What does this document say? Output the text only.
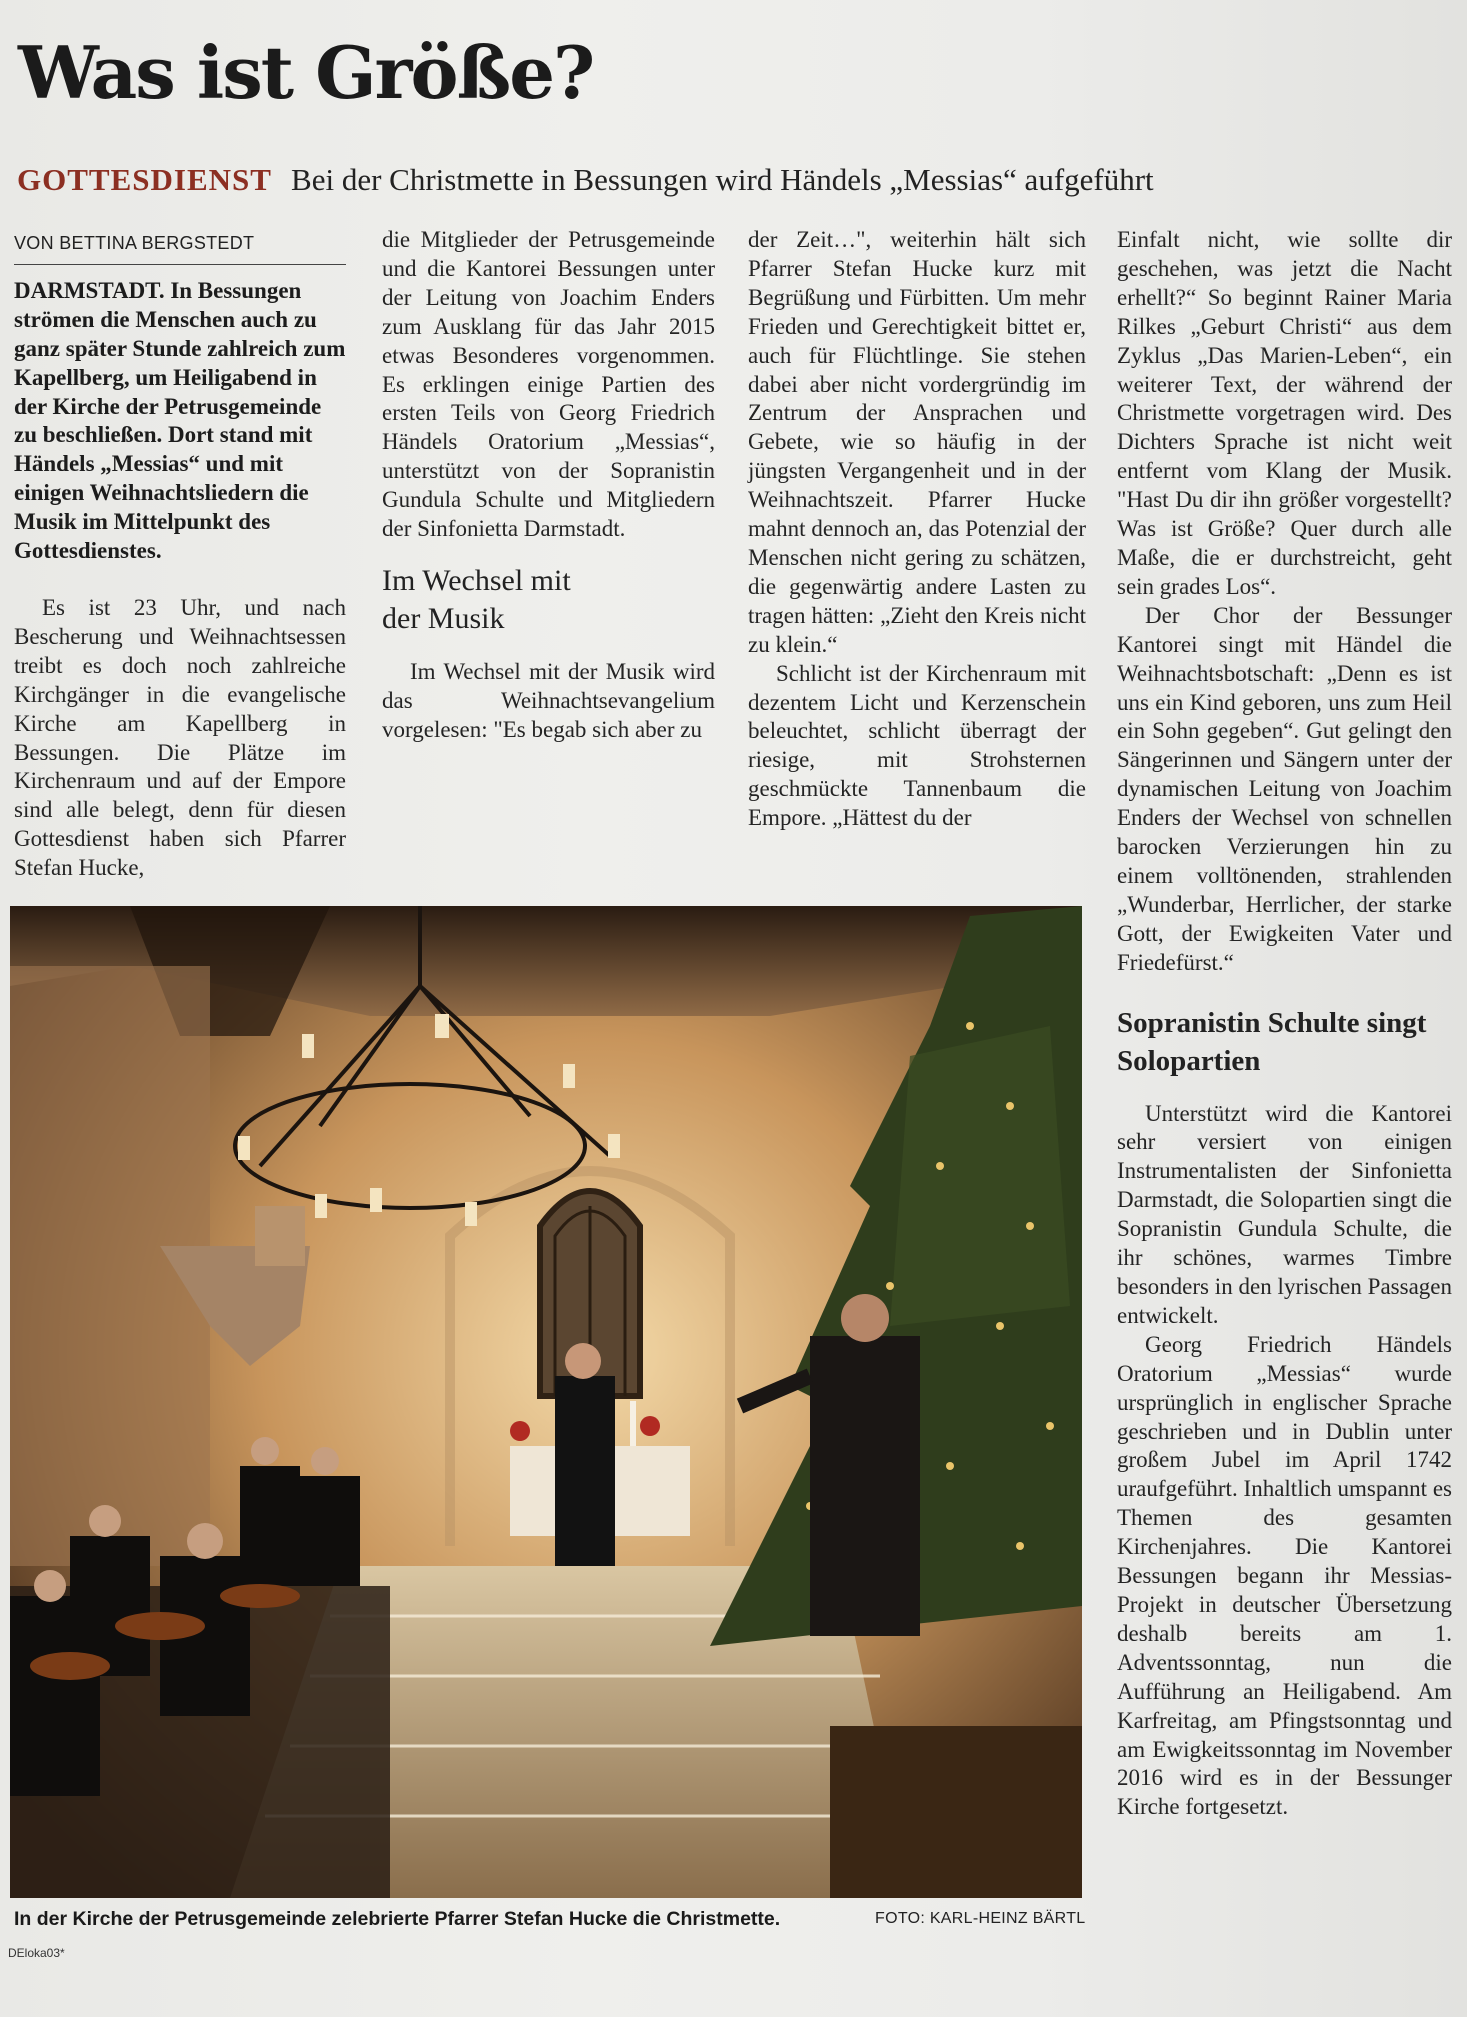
Was ist Größe?
GOTTESDIENST Bei der Christmette in Bessungen wird Händels „Messias“ aufgeführt
VON BETTINA BERGSTEDT

DARMSTADT. In Bessungen strömen die Menschen auch zu ganz später Stunde zahlreich zum Kapellberg, um Heiligabend in der Kirche der Petrusgemeinde zu beschließen. Dort stand mit Händels „Messias“ und mit einigen Weihnachtsliedern die Musik im Mittelpunkt des Gottesdienstes.

Es ist 23 Uhr, und nach Bescherung und Weihnachtsessen treibt es doch noch zahlreiche Kirchgänger in die evangelische Kirche am Kapellberg in Bessungen. Die Plätze im Kirchenraum und auf der Empore sind alle belegt, denn für diesen Gottesdienst haben sich Pfarrer Stefan Hucke,

die Mitglieder der Petrusgemeinde und die Kantorei Bessungen unter der Leitung von Joachim Enders zum Ausklang für das Jahr 2015 etwas Besonderes vorgenommen. Es erklingen einige Partien des ersten Teils von Georg Friedrich Händels Oratorium „Messias“, unterstützt von der Sopranistin Gundula Schulte und Mitgliedern der Sinfonietta Darmstadt.

Im Wechsel mit der Musik

Im Wechsel mit der Musik wird das Weihnachtsevangelium vorgelesen: "Es begab sich aber zu

der Zeit…", weiterhin hält sich Pfarrer Stefan Hucke kurz mit Begrüßung und Fürbitten. Um mehr Frieden und Gerechtigkeit bittet er, auch für Flüchtlinge. Sie stehen dabei aber nicht vordergründig im Zentrum der Ansprachen und Gebete, wie so häufig in der jüngsten Vergangenheit und in der Weihnachtszeit. Pfarrer Hucke mahnt dennoch an, das Potenzial der Menschen nicht gering zu schätzen, die gegenwärtig andere Lasten zu tragen hätten: „Zieht den Kreis nicht zu klein.“

Schlicht ist der Kirchenraum mit dezentem Licht und Kerzenschein beleuchtet, schlicht überragt der riesige, mit Strohsternen geschmückte Tannenbaum die Empore. „Hättest du der

Einfalt nicht, wie sollte dir geschehen, was jetzt die Nacht erhellt?“ So beginnt Rainer Maria Rilkes „Geburt Christi“ aus dem Zyklus „Das Marien-Leben“, ein weiterer Text, der während der Christmette vorgetragen wird. Des Dichters Sprache ist nicht weit entfernt vom Klang der Musik. "Hast Du dir ihn größer vorgestellt? Was ist Größe? Quer durch alle Maße, die er durchstreicht, geht sein grades Los“.

Der Chor der Bessunger Kantorei singt mit Händel die Weihnachtsbotschaft: „Denn es ist uns ein Kind geboren, uns zum Heil ein Sohn gegeben“. Gut gelingt den Sängerinnen und Sängern unter der dynamischen Leitung von Joachim Enders der Wechsel von schnellen barocken Verzierungen hin zu einem volltönenden, strahlenden „Wunderbar, Herrlicher, der starke Gott, der Ewigkeiten Vater und Friedefürst.“

Sopranistin Schulte singt Solopartien

Unterstützt wird die Kantorei sehr versiert von einigen Instrumentalisten der Sinfonietta Darmstadt, die Solopartien singt die Sopranistin Gundula Schulte, die ihr schönes, warmes Timbre besonders in den lyrischen Passagen entwickelt.

Georg Friedrich Händels Oratorium „Messias“ wurde ursprünglich in englischer Sprache geschrieben und in Dublin unter großem Jubel im April 1742 uraufgeführt. Inhaltlich umspannt es Themen des gesamten Kirchenjahres. Die Kantorei Bessungen begann ihr Messias-Projekt in deutscher Übersetzung deshalb bereits am 1. Adventssonntag, nun die Aufführung an Heiligabend. Am Karfreitag, am Pfingstsonntag und am Ewigkeitssonntag im November 2016 wird es in der Bessunger Kirche fortgesetzt.

In der Kirche der Petrusgemeinde zelebrierte Pfarrer Stefan Hucke die Christmette.	FOTO: KARL-HEINZ BÄRTL
DEloka03*
